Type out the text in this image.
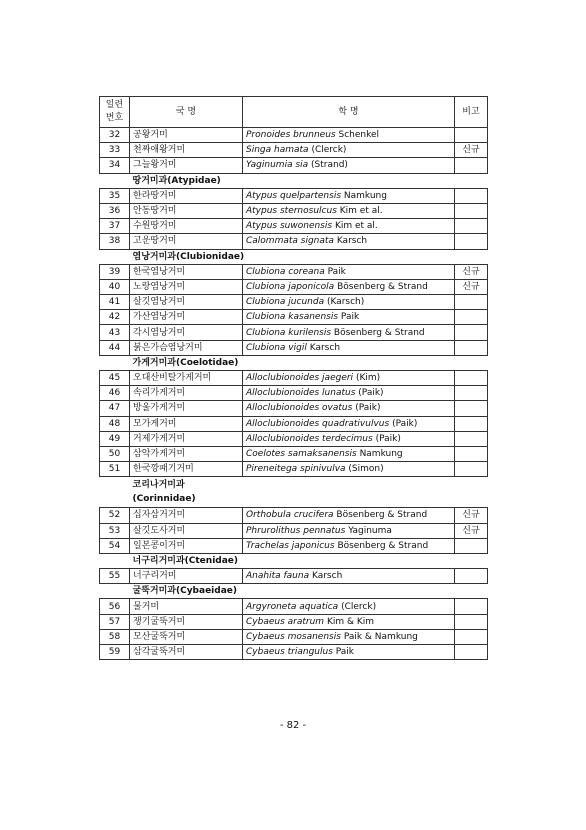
일련
번호	국 명	학 명	비고
32	공왕거미	Pronoides brunneus Schenkel	
33	천짜애왕거미	Singa hamata (Clerck)	신규
34	그늘왕거미	Yaginumia sia (Strand)	
	땅거미과(Atypidae)		
35	한라땅거미	Atypus quelpartensis Namkung	
36	안동땅거미	Atypus sternosulcus Kim et al.	
37	수원땅거미	Atypus suwonensis Kim et al.	
38	고운땅거미	Calommata signata Karsch	
	염낭거미과(Clubionidae)		
39	한국염낭거미	Clubiona coreana Paik	신규
40	노랑염낭거미	Clubiona japonicola Bösenberg & Strand	신규
41	살깃염낭거미	Clubiona jucunda (Karsch)	
42	가산염낭거미	Clubiona kasanensis Paik	
43	각시염낭거미	Clubiona kurilensis Bösenberg & Strand	
44	붉은가슴염낭거미	Clubiona vigil Karsch	
	가게거미과(Coelotidae)		
45	오대산비탈가게거미	Alloclubionoides jaegeri (Kim)	
46	속리가게거미	Alloclubionoides lunatus (Paik)	
47	방울가게거미	Alloclubionoides ovatus (Paik)	
48	모가게거미	Alloclubionoides quadrativulvus (Paik)	
49	거제가게거미	Alloclubionoides terdecimus (Paik)	
50	삼악가게거미	Coelotes samaksanensis Namkung	
51	한국깡패기거미	Pireneitega spinivulva (Simon)	
	코리나거미과
(Corinnidae)		
52	십자삼거거미	Orthobula crucifera Bösenberg & Strand	신규
53	살깃도사거미	Phrurolithus pennatus Yaginuma	신규
54	일본콩이거미	Trachelas japonicus Bösenberg & Strand	
	너구리거미과(Ctenidae)		
55	너구리거미	Anahita fauna Karsch	
	굴뚝거미과(Cybaeidae)		
56	물거미	Argyroneta aquatica (Clerck)	
57	쟁기굴뚝거미	Cybaeus aratrum Kim & Kim	
58	모산굴뚝거미	Cybaeus mosanensis Paik & Namkung	
59	삼각굴뚝거미	Cybaeus triangulus Paik	
- 82 -
